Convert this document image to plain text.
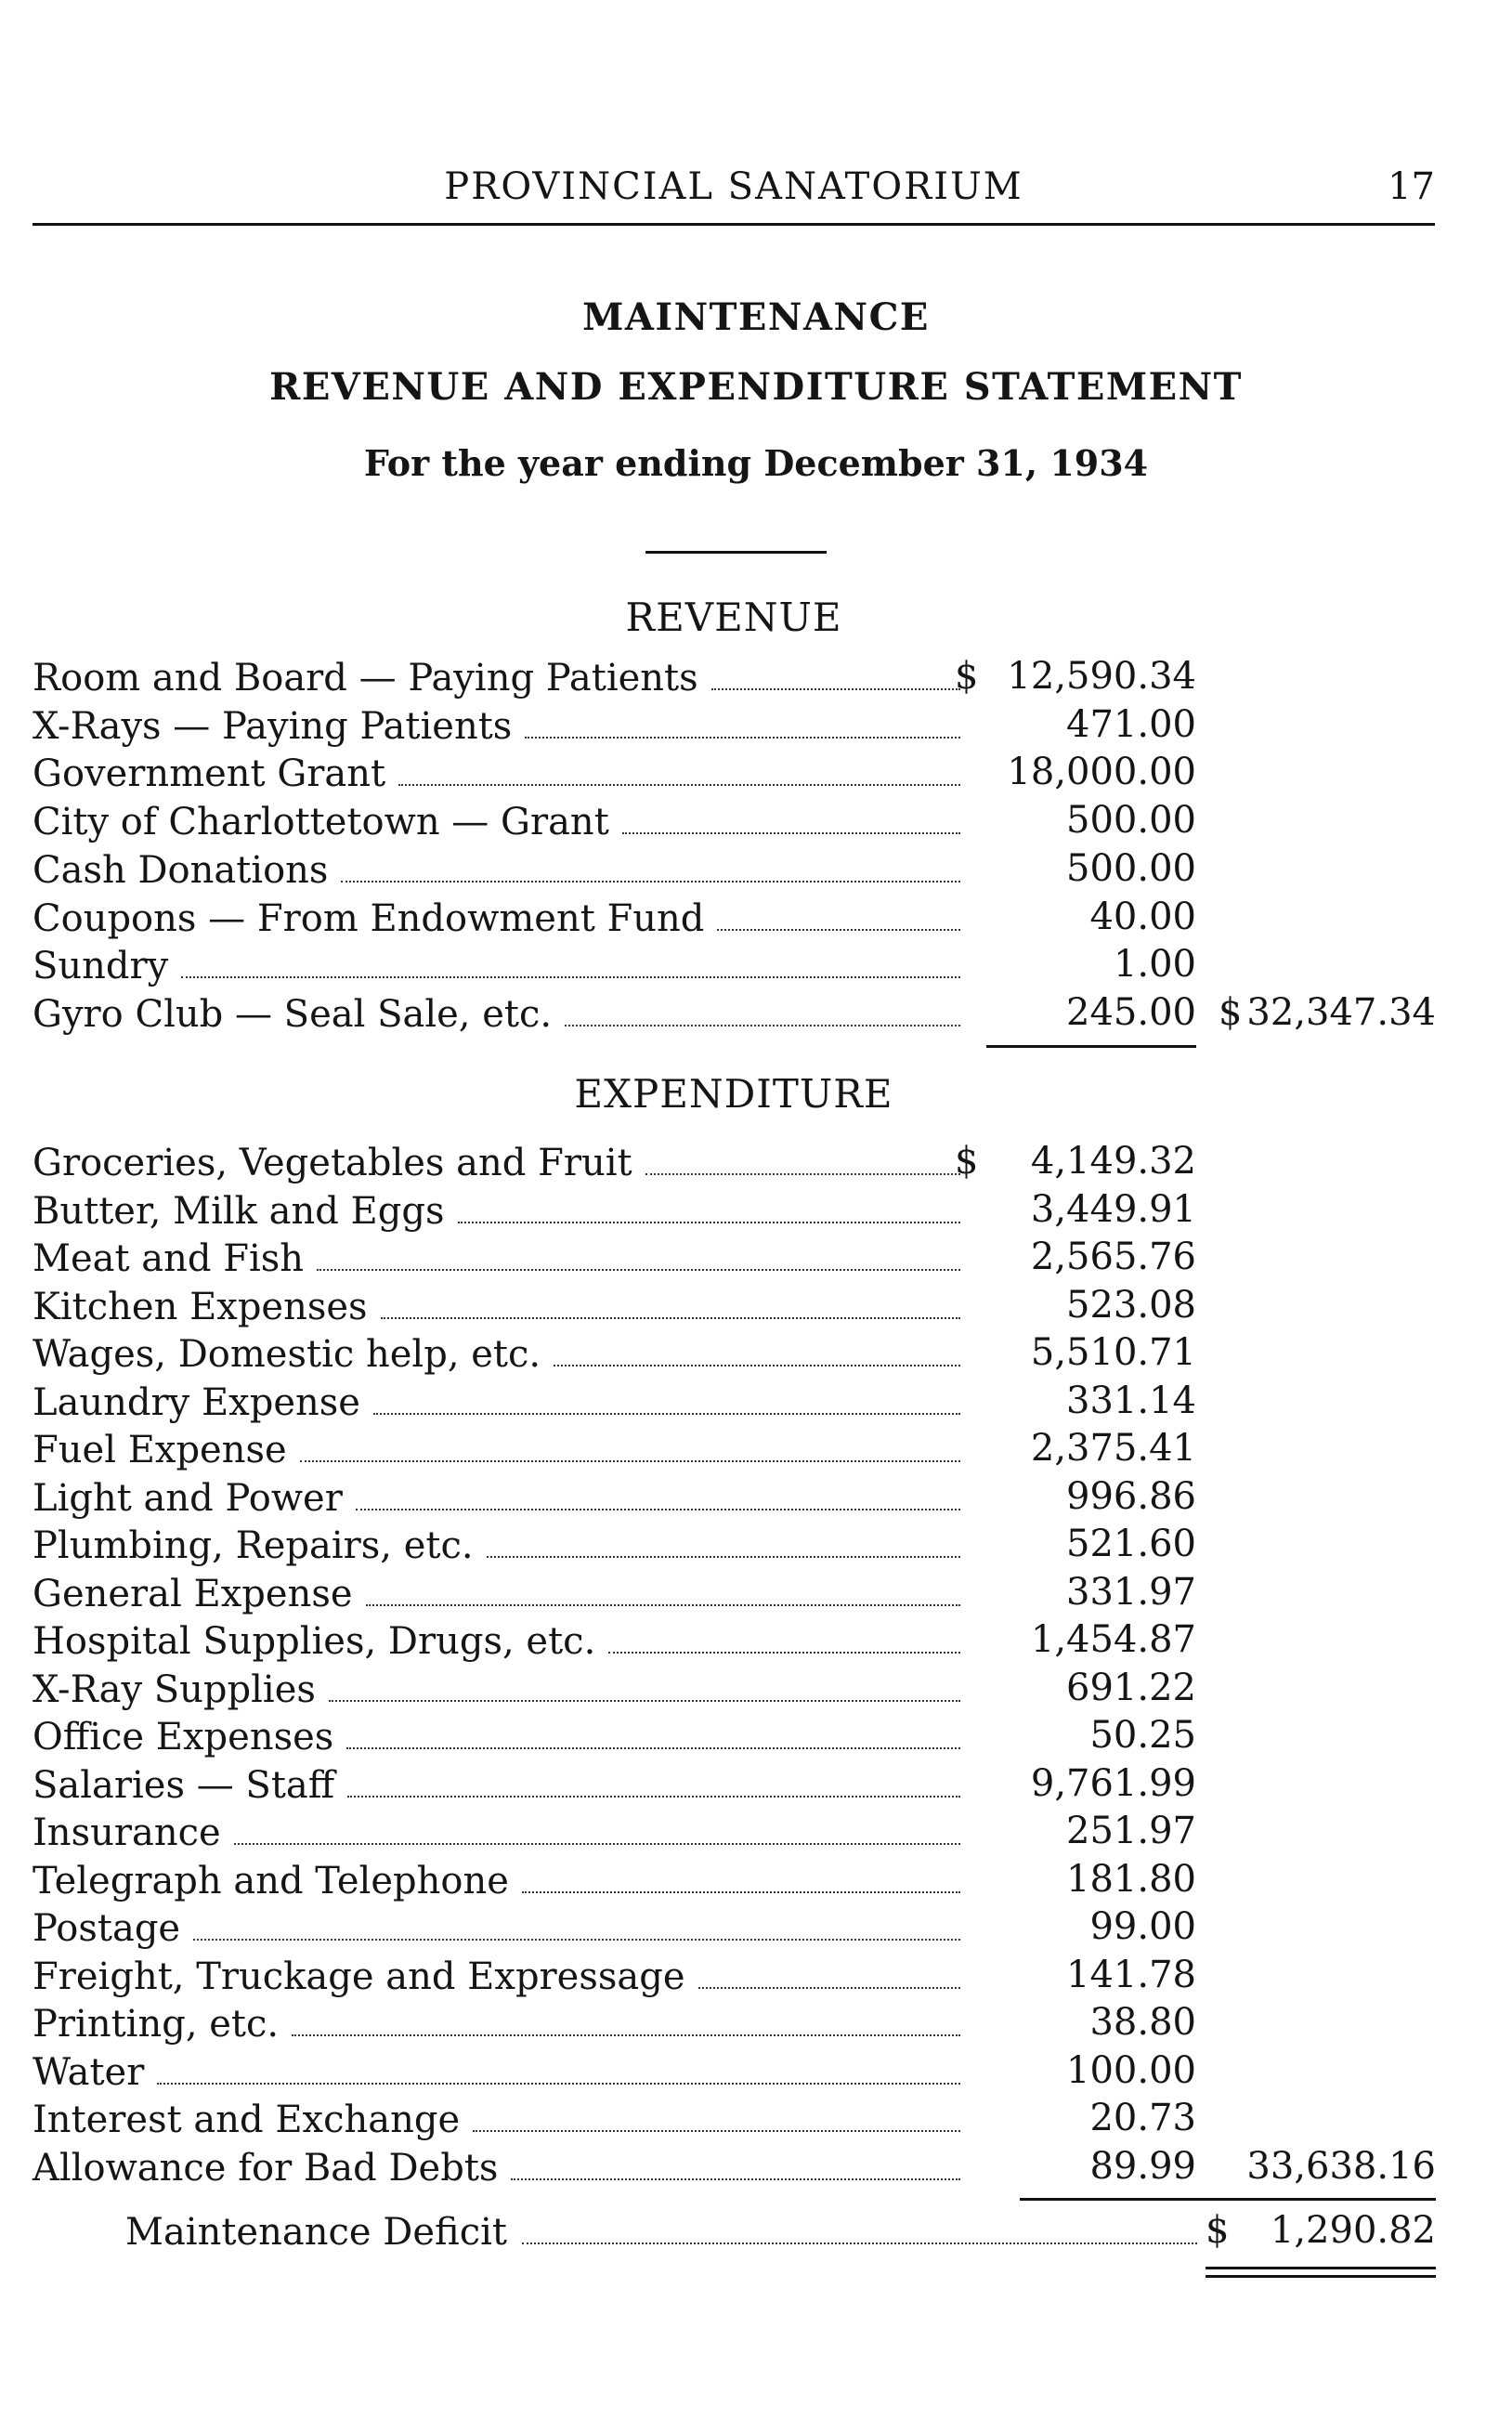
PROVINCIAL SANATORIUM	17
MAINTENANCE
REVENUE AND EXPENDITURE STATEMENT
For the year ending December 31, 1934
REVENUE
Room and Board — Paying Patients	$ 12,590.34
X-Rays — Paying Patients	471.00
Government Grant	18,000.00
City of Charlottetown — Grant	500.00
Cash Donations	500.00
Coupons — From Endowment Fund	40.00
Sundry	1.00
Gyro Club — Seal Sale, etc.	245.00 $ 32,347.34
EXPENDITURE
Groceries, Vegetables and Fruit	$ 4,149.32
Butter, Milk and Eggs	3,449.91
Meat and Fish	2,565.76
Kitchen Expenses	523.08
Wages, Domestic help, etc.	5,510.71
Laundry Expense	331.14
Fuel Expense	2,375.41
Light and Power	996.86
Plumbing, Repairs, etc.	521.60
General Expense	331.97
Hospital Supplies, Drugs, etc.	1,454.87
X-Ray Supplies	691.22
Office Expenses	50.25
Salaries — Staff	9,761.99
Insurance	251.97
Telegraph and Telephone	181.80
Postage	99.00
Freight, Truckage and Expressage	141.78
Printing, etc.	38.80
Water	100.00
Interest and Exchange	20.73
Allowance for Bad Debts	89.99 33,638.16
Maintenance Deficit	$ 1,290.82
